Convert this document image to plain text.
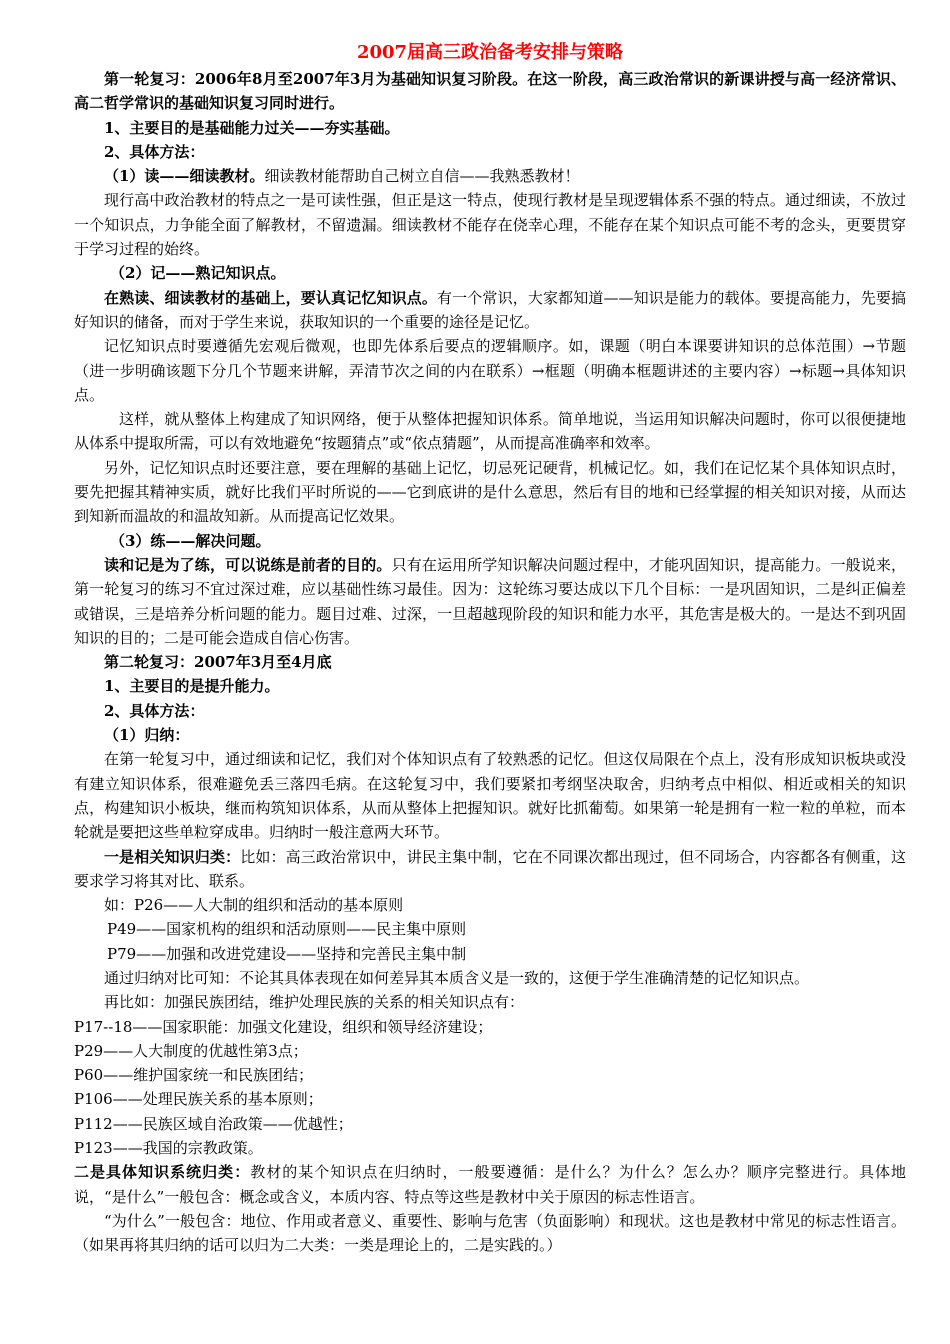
2007届高三政治备考安排与策略

第一轮复习：2006年8月至2007年3月为基础知识复习阶段。在这一阶段，高三政治常识的新课讲授与高一经济常识、高二哲学常识的基础知识复习同时进行。

1、主要目的是基础能力过关——夯实基础。

2、具体方法：

（1）读——细读教材。细读教材能帮助自己树立自信——我熟悉教材！

现行高中政治教材的特点之一是可读性强，但正是这一特点，使现行教材是呈现逻辑体系不强的特点。通过细读，不放过一个知识点，力争能全面了解教材，不留遗漏。细读教材不能存在侥幸心理，不能存在某个知识点可能不考的念头，更要贯穿于学习过程的始终。

（2）记——熟记知识点。

在熟读、细读教材的基础上，要认真记忆知识点。有一个常识，大家都知道——知识是能力的载体。要提高能力，先要搞好知识的储备，而对于学生来说，获取知识的一个重要的途径是记忆。

记忆知识点时要遵循先宏观后微观，也即先体系后要点的逻辑顺序。如，课题（明白本课要讲知识的总体范围）→节题（进一步明确该题下分几个节题来讲解，弄清节次之间的内在联系）→框题（明确本框题讲述的主要内容）→标题→具体知识点。

这样，就从整体上构建成了知识网络，便于从整体把握知识体系。简单地说，当运用知识解决问题时，你可以很便捷地从体系中提取所需，可以有效地避免“按题猜点”或“依点猜题”，从而提高准确率和效率。

另外，记忆知识点时还要注意，要在理解的基础上记忆，切忌死记硬背，机械记忆。如，我们在记忆某个具体知识点时，要先把握其精神实质，就好比我们平时所说的——它到底讲的是什么意思，然后有目的地和已经掌握的相关知识对接，从而达到知新而温故的和温故知新。从而提高记忆效果。

（3）练——解决问题。

读和记是为了练，可以说练是前者的目的。只有在运用所学知识解决问题过程中，才能巩固知识，提高能力。一般说来，第一轮复习的练习不宜过深过难，应以基础性练习最佳。因为：这轮练习要达成以下几个目标：一是巩固知识，二是纠正偏差或错误，三是培养分析问题的能力。题目过难、过深，一旦超越现阶段的知识和能力水平，其危害是极大的。一是达不到巩固知识的目的；二是可能会造成自信心伤害。

第二轮复习：2007年3月至4月底

1、主要目的是提升能力。

2、具体方法：

（1）归纳：

在第一轮复习中，通过细读和记忆，我们对个体知识点有了较熟悉的记忆。但这仅局限在个点上，没有形成知识板块或没有建立知识体系，很难避免丢三落四毛病。在这轮复习中，我们要紧扣考纲坚决取舍，归纳考点中相似、相近或相关的知识点，构建知识小板块，继而构筑知识体系，从而从整体上把握知识。就好比抓葡萄。如果第一轮是拥有一粒一粒的单粒，而本轮就是要把这些单粒穿成串。归纳时一般注意两大环节。

一是相关知识归类：比如：高三政治常识中，讲民主集中制，它在不同课次都出现过，但不同场合，内容都各有侧重，这要求学习将其对比、联系。

如：P26——人大制的组织和活动的基本原则

P49——国家机构的组织和活动原则——民主集中原则

P79——加强和改进党建设——坚持和完善民主集中制

通过归纳对比可知：不论其具体表现在如何差异其本质含义是一致的，这便于学生准确清楚的记忆知识点。

再比如：加强民族团结，维护处理民族的关系的相关知识点有：

P17--18——国家职能：加强文化建设，组织和领导经济建设；

P29——人大制度的优越性第3点；

P60——维护国家统一和民族团结；

P106——处理民族关系的基本原则；

P112——民族区域自治政策——优越性；

P123——我国的宗教政策。

二是具体知识系统归类：教材的某个知识点在归纳时，一般要遵循：是什么？为什么？怎么办？顺序完整进行。具体地说，“是什么”一般包含：概念或含义，本质内容、特点等这些是教材中关于原因的标志性语言。

“为什么”一般包含：地位、作用或者意义、重要性、影响与危害（负面影响）和现状。这也是教材中常见的标志性语言。（如果再将其归纳的话可以归为二大类：一类是理论上的，二是实践的。）
